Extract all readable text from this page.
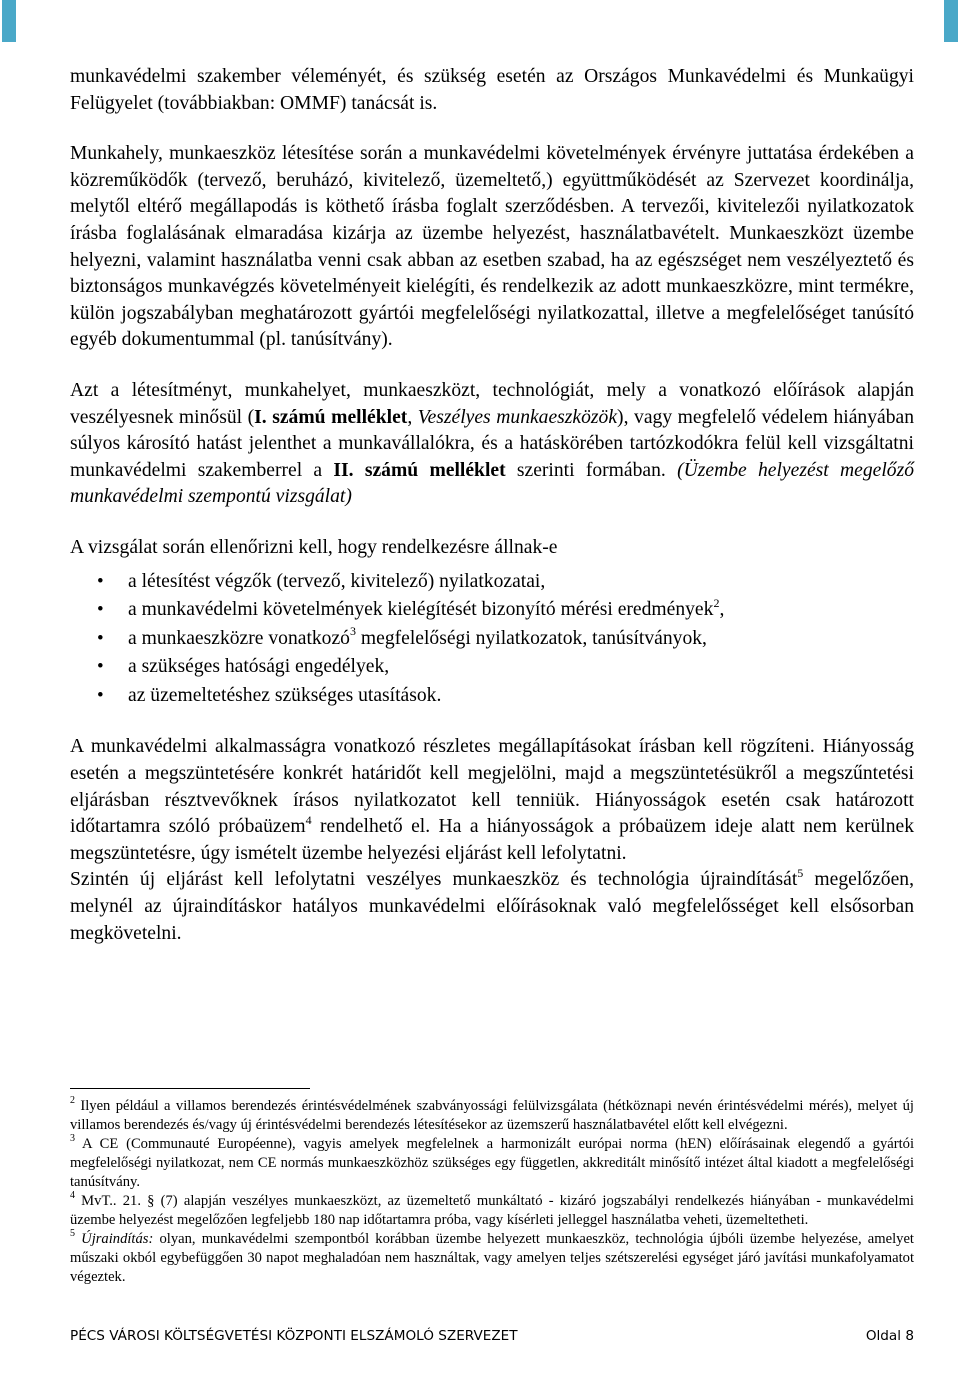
munkavédelmi szakember véleményét, és szükség esetén az Országos Munkavédelmi és Munkaügyi Felügyelet (továbbiakban: OMMF) tanácsát is.

Munkahely, munkaeszköz létesítése során a munkavédelmi követelmények érvényre juttatása érdekében a közreműködők (tervező, beruházó, kivitelező, üzemeltető,) együttműködését az Szervezet koordinálja, melytől eltérő megállapodás is köthető írásba foglalt szerződésben. A tervezői, kivitelezői nyilatkozatok írásba foglalásának elmaradása kizárja az üzembe helyezést, használatbavételt. Munkaeszközt üzembe helyezni, valamint használatba venni csak abban az esetben szabad, ha az egészséget nem veszélyeztető és biztonságos munkavégzés követelményeit kielégíti, és rendelkezik az adott munkaeszközre, mint termékre, külön jogszabályban meghatározott gyártói megfelelőségi nyilatkozattal, illetve a megfelelőséget tanúsító egyéb dokumentummal (pl. tanúsítvány).

Azt a létesítményt, munkahelyet, munkaeszközt, technológiát, mely a vonatkozó előírások alapján veszélyesnek minősül (I. számú melléklet, Veszélyes munkaeszközök), vagy megfelelő védelem hiányában súlyos károsító hatást jelenthet a munkavállalókra, és a hatáskörében tartózkodókra felül kell vizsgáltatni munkavédelmi szakemberrel a II. számú melléklet szerinti formában. (Üzembe helyezést megelőző munkavédelmi szempontú vizsgálat)

A vizsgálat során ellenőrizni kell, hogy rendelkezésre állnak-e

• a létesítést végzők (tervező, kivitelező) nyilatkozatai,
• a munkavédelmi követelmények kielégítését bizonyító mérési eredmények$^2$,
• a munkaeszközre vonatkozó$^3$ megfelelőségi nyilatkozatok, tanúsítványok,
• a szükséges hatósági engedélyek,
• az üzemeltetéshez szükséges utasítások.

A munkavédelmi alkalmasságra vonatkozó részletes megállapításokat írásban kell rögzíteni. Hiányosság esetén a megszüntetésére konkrét határidőt kell megjelölni, majd a megszüntetésükről a megszűntetési eljárásban résztvevőknek írásos nyilatkozatot kell tenniük. Hiányosságok esetén csak határozott időtartamra szóló próbaüzem$^4$ rendelhető el. Ha a hiányosságok a próbaüzem ideje alatt nem kerülnek megszüntetésre, úgy ismételt üzembe helyezési eljárást kell lefolytatni.

Szintén új eljárást kell lefolytatni veszélyes munkaeszköz és technológia újraindítását$^5$ megelőzően, melynél az újraindításkor hatályos munkavédelmi előírásoknak való megfelelősséget kell elsősorban megkövetelni.

$^2$ Ilyen például a villamos berendezés érintésvédelmének szabványossági felülvizsgálata (hétköznapi nevén érintésvédelmi mérés), melyet új villamos berendezés és/vagy új érintésvédelmi berendezés létesítésekor az üzemszerű használatbavétel előtt kell elvégezni.

$^3$ A CE (Communauté Européenne), vagyis amelyek megfelelnek a harmonizált európai norma (hEN) előírásainak elegendő a gyártói megfelelőségi nyilatkozat, nem CE normás munkaeszközhöz szükséges egy független, akkreditált minősítő intézet által kiadott a megfelelőségi tanúsítvány.

$^4$ MvT.. 21. § (7) alapján veszélyes munkaeszközt, az üzemeltető munkáltató - kizáró jogszabályi rendelkezés hiányában - munkavédelmi üzembe helyezést megelőzően legfeljebb 180 nap időtartamra próba, vagy kísérleti jelleggel használatba veheti, üzemeltetheti.

$^5$ Újraindítás: olyan, munkavédelmi szempontból korábban üzembe helyezett munkaeszköz, technológia újbóli üzembe helyezése, amelyet műszaki okból egybefüggően 30 napot meghaladóan nem használtak, vagy amelyen teljes szétszerelési egységet járó javítási munkafolyamatot végeztek.

PÉCS VÁROSI KÖLTSÉGVETÉSI KÖZPONTI ELSZÁMOLÓ SZERVEZET	Oldal 8
